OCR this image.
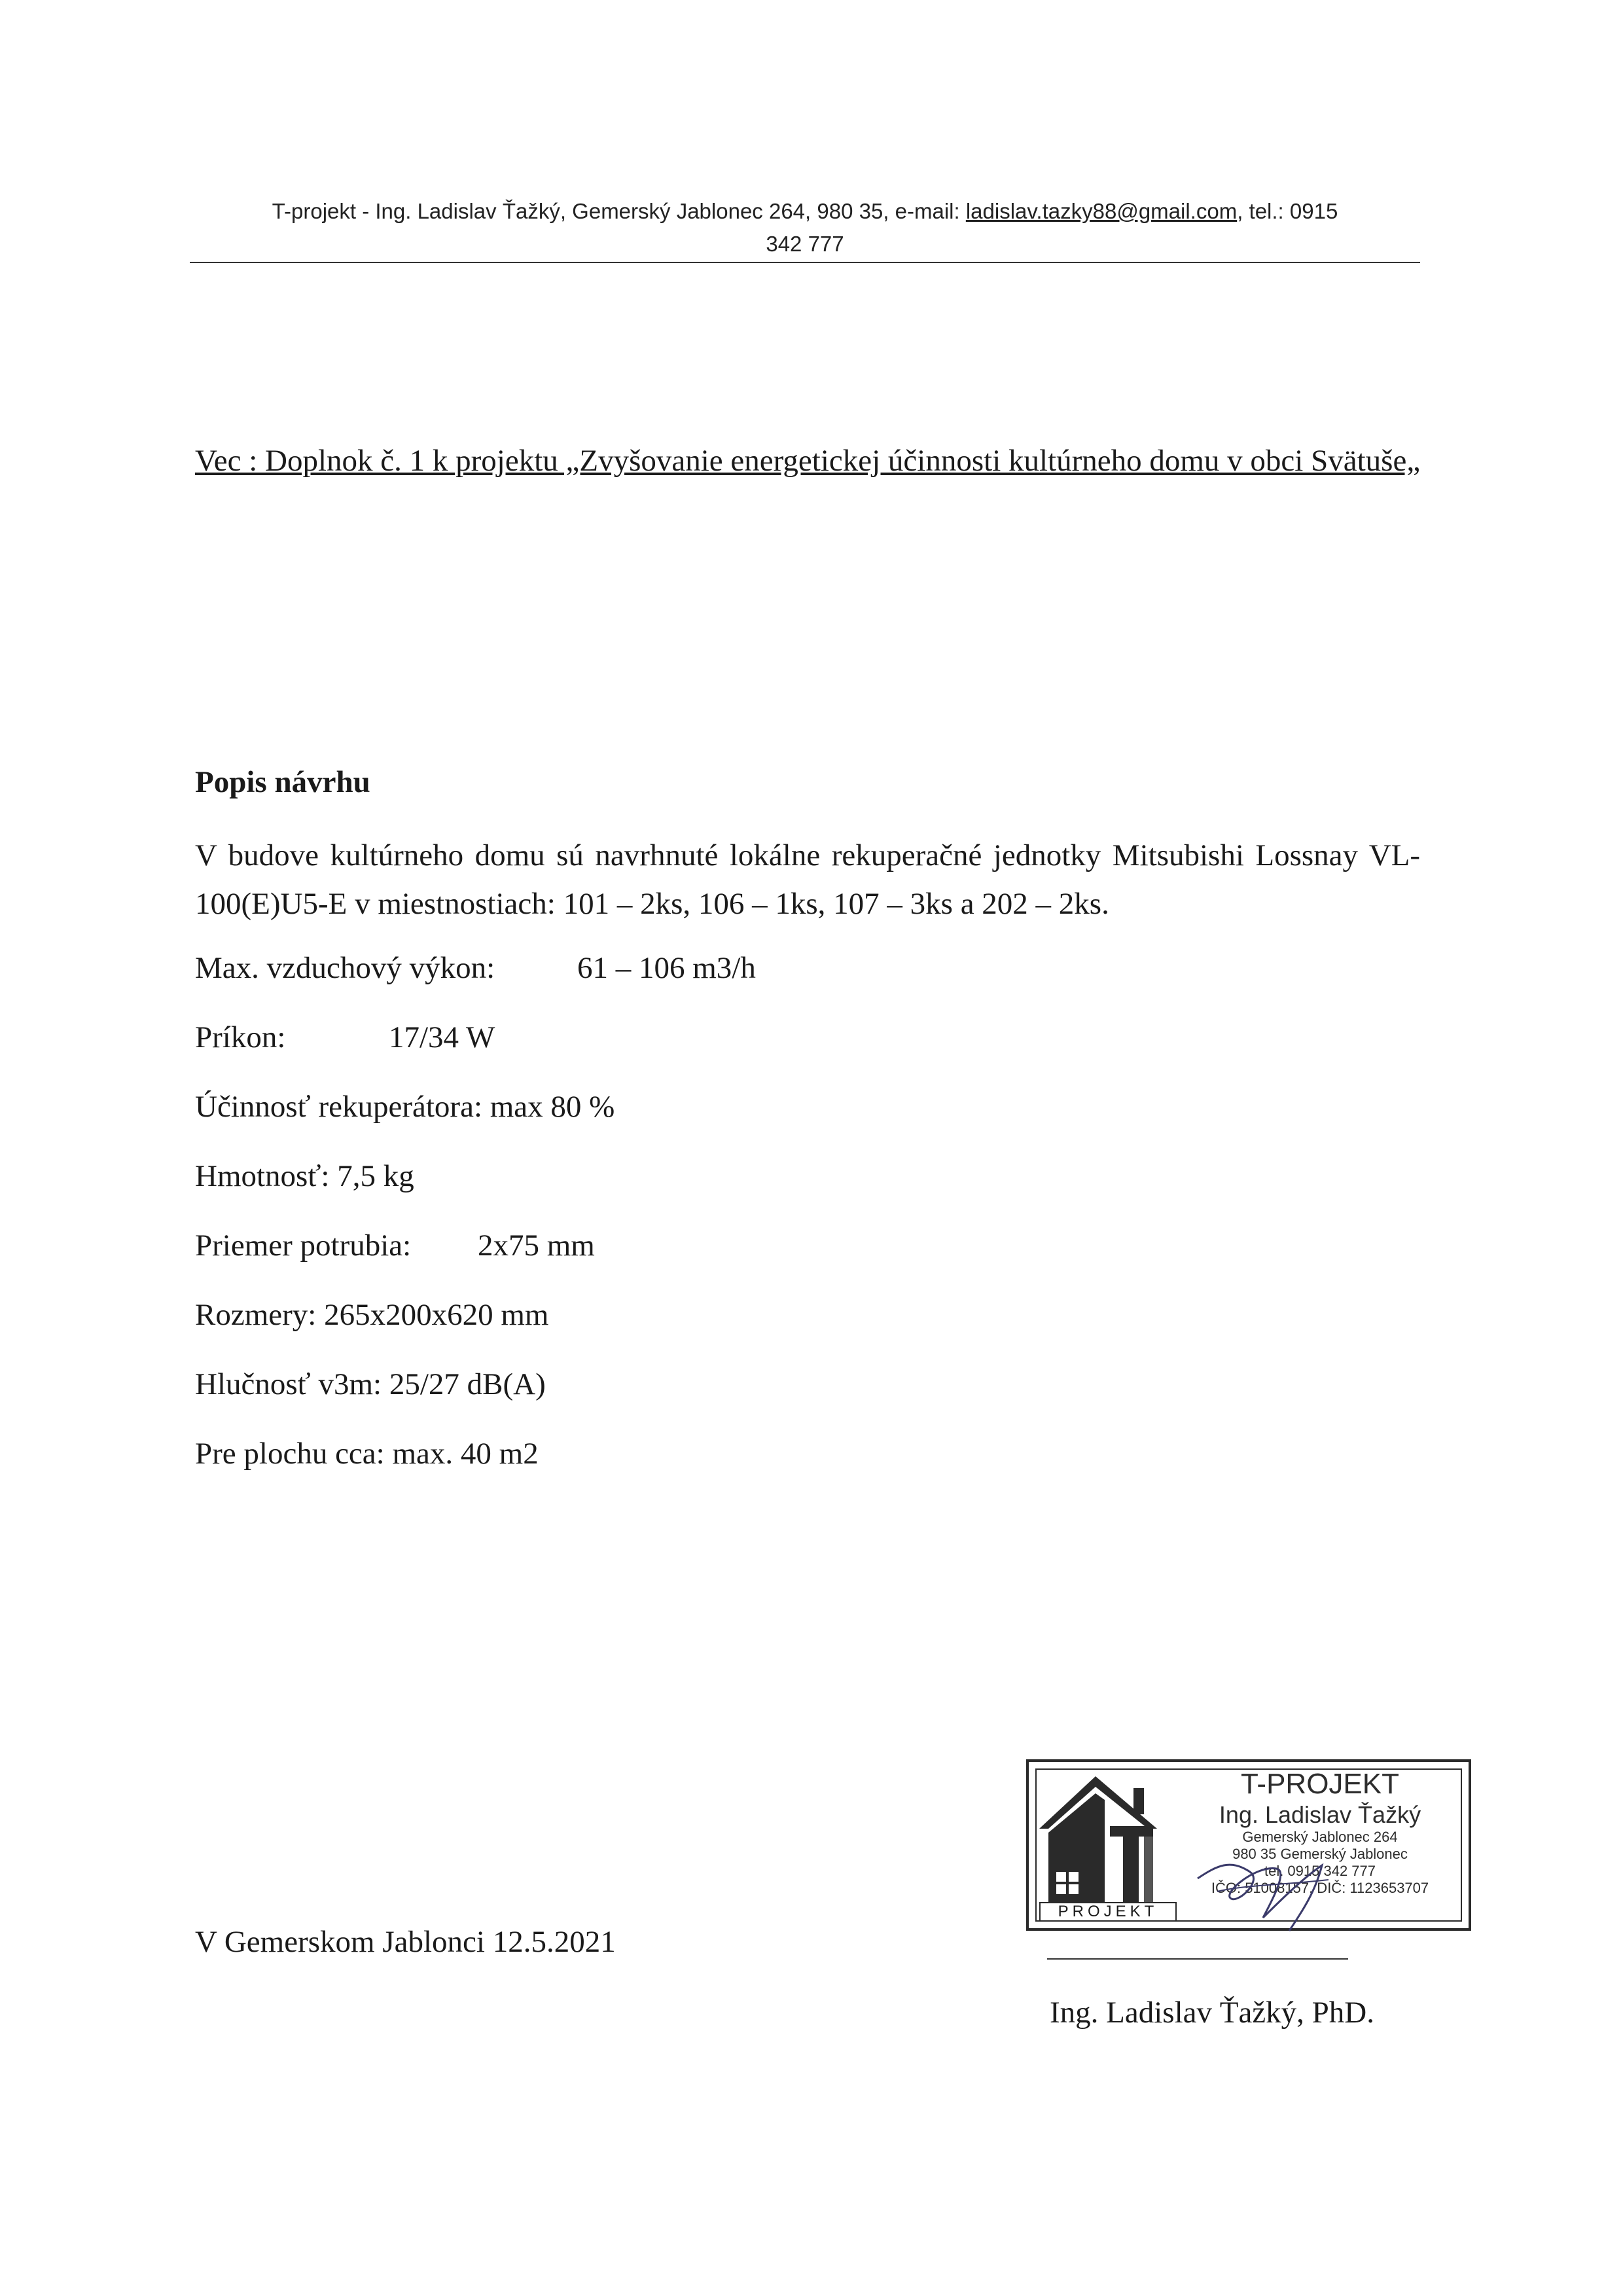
T-projekt - Ing. Ladislav Ťažký, Gemerský Jablonec 264, 980 35, e-mail: ladislav.tazky88@gmail.com, tel.: 0915
342 777
Vec : Doplnok č. 1 k projektu „Zvyšovanie energetickej účinnosti kultúrneho domu v obci Svätuše„
Popis návrhu
V budove kultúrneho domu sú navrhnuté lokálne rekuperačné jednotky Mitsubishi Lossnay VL-100(E)U5-E v miestnostiach: 101 – 2ks, 106 – 1ks, 107 – 3ks a 202 – 2ks.
Max. vzduchový výkon:	61 – 106 m3/h
Príkon:	17/34 W
Účinnosť rekuperátora: max 80 %
Hmotnosť: 7,5 kg
Priemer potrubia: 2x75 mm
Rozmery: 265x200x620 mm
Hlučnosť v3m: 25/27 dB(A)
Pre plochu cca: max. 40 m2
PROJEKT
T-PROJEKT
Ing. Ladislav Ťažký
Gemerský Jablonec 264
980 35 Gemerský Jablonec
tel. 0915 342 777
IČO: 51008157, DIČ: 1123653707
V Gemerskom Jablonci 12.5.2021
Ing. Ladislav Ťažký, PhD.
